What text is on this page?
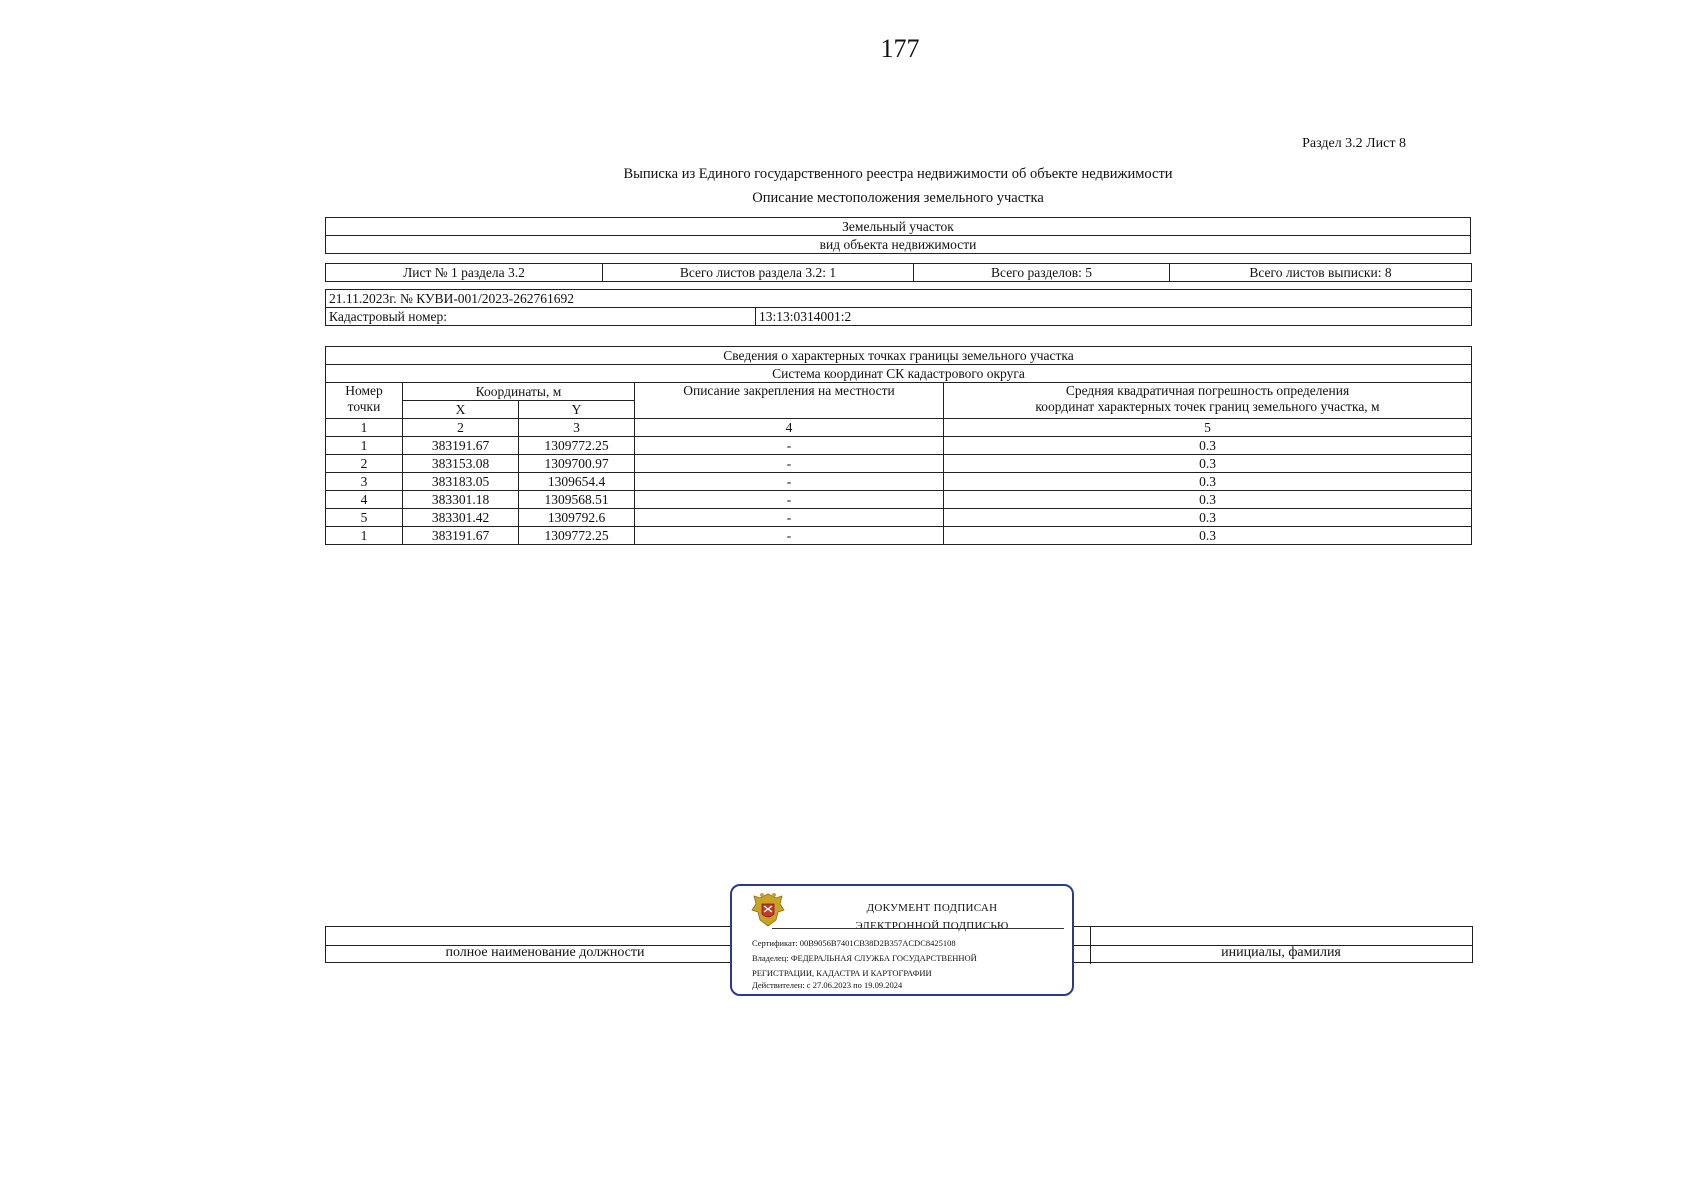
177
Раздел 3.2 Лист 8
Выписка из Единого государственного реестра недвижимости об объекте недвижимости
Описание местоположения земельного участка
Земельный участок
вид объекта недвижимости
Лист № 1 раздела 3.2	Всего листов раздела 3.2: 1	Всего разделов: 5	Всего листов выписки: 8
21.11.2023г. № КУВИ-001/2023-262761692
Кадастровый номер:	13:13:0314001:2
Сведения о характерных точках границы земельного участка				
Система координат СК кадастрового округа				
Номер точки	Координаты, м		Описание закрепления на местности	Средняя квадратичная погрешность определения
координат характерных точек границ земельного участка, м

	X	Y		
1	2	3	4	5
1	383191.67	1309772.25	-	0.3
2	383153.08	1309700.97	-	0.3
3	383183.05	1309654.4	-	0.3
4	383301.18	1309568.51	-	0.3
5	383301.42	1309792.6	-	0.3
1	383191.67	1309772.25	-	0.3
полное наименование должности	инициалы, фамилия
ДОКУМЕНТ ПОДПИСАН
ЭЛЕКТРОННОЙ ПОДПИСЬЮ
Сертификат: 00B9056B7401CB38D2B357ACDC8425108
Владелец: ФЕДЕРАЛЬНАЯ СЛУЖБА ГОСУДАРСТВЕННОЙ
РЕГИСТРАЦИИ, КАДАСТРА И КАРТОГРАФИИ
Действителен: с 27.06.2023 по 19.09.2024
